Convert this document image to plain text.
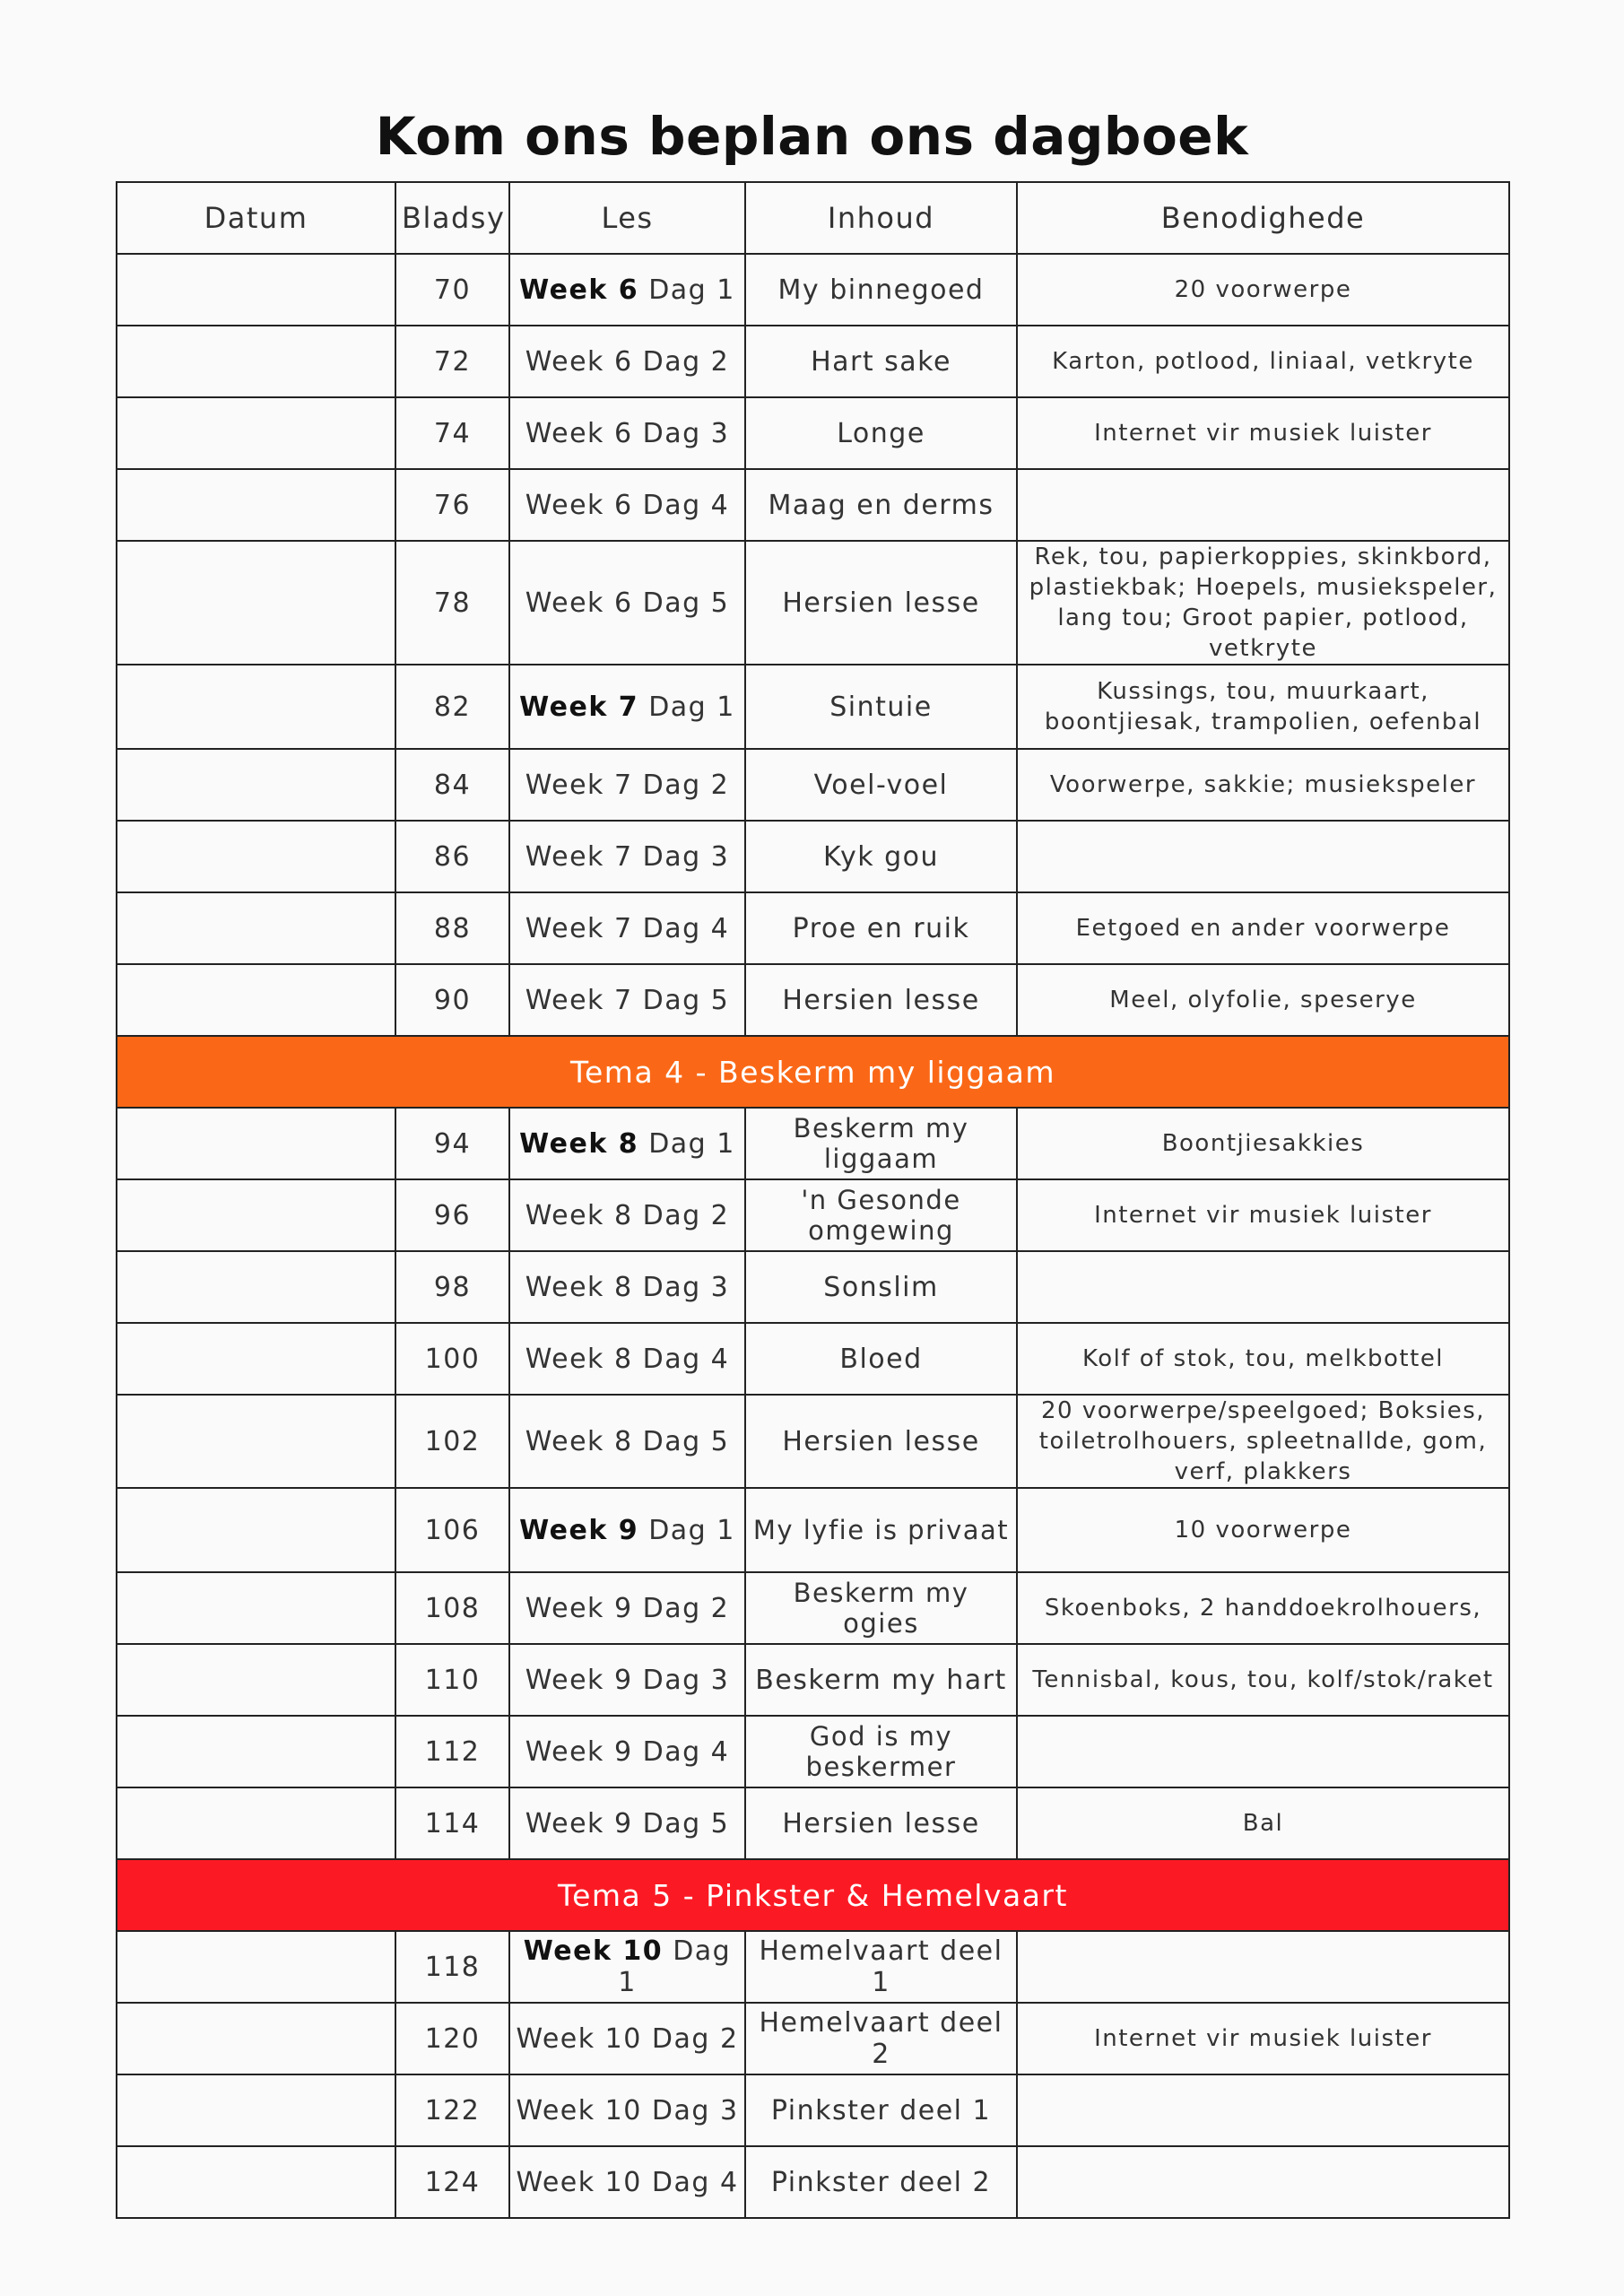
Kom ons beplan ons dagboek
Datum	Bladsy	Les	Inhoud	Benodighede
	70	Week 6 Dag 1	My binnegoed	20 voorwerpe
	72	Week 6 Dag 2	Hart sake	Karton, potlood, liniaal, vetkryte
	74	Week 6 Dag 3	Longe	Internet vir musiek luister
	76	Week 6 Dag 4	Maag en derms	
	78	Week 6 Dag 5	Hersien lesse	Rek, tou, papierkoppies, skinkbord, plastiekbak; Hoepels, musiekspeler, lang tou; Groot papier, potlood, vetkryte
	82	Week 7 Dag 1	Sintuie	Kussings, tou, muurkaart, boontjiesak, trampolien, oefenbal
	84	Week 7 Dag 2	Voel-voel	Voorwerpe, sakkie; musiekspeler
	86	Week 7 Dag 3	Kyk gou	
	88	Week 7 Dag 4	Proe en ruik	Eetgoed en ander voorwerpe
	90	Week 7 Dag 5	Hersien lesse	Meel, olyfolie, speserye
Tema 4 - Beskerm my liggaam				
	94	Week 8 Dag 1	Beskerm my liggaam	Boontjiesakkies
	96	Week 8 Dag 2	'n Gesonde omgewing	Internet vir musiek luister
	98	Week 8 Dag 3	Sonslim	
	100	Week 8 Dag 4	Bloed	Kolf of stok, tou, melkbottel
	102	Week 8 Dag 5	Hersien lesse	20 voorwerpe/speelgoed; Boksies, toiletrolhouers, spleetnallde, gom, verf, plakkers
	106	Week 9 Dag 1	My lyfie is privaat	10 voorwerpe
	108	Week 9 Dag 2	Beskerm my ogies	Skoenboks, 2 handdoekrolhouers,
	110	Week 9 Dag 3	Beskerm my hart	Tennisbal, kous, tou, kolf/stok/raket
	112	Week 9 Dag 4	God is my beskermer	
	114	Week 9 Dag 5	Hersien lesse	Bal
Tema 5 - Pinkster & Hemelvaart				
	118	Week 10 Dag 1	Hemelvaart deel 1	
	120	Week 10 Dag 2	Hemelvaart deel 2	Internet vir musiek luister
	122	Week 10 Dag 3	Pinkster deel 1	
	124	Week 10 Dag 4	Pinkster deel 2	
